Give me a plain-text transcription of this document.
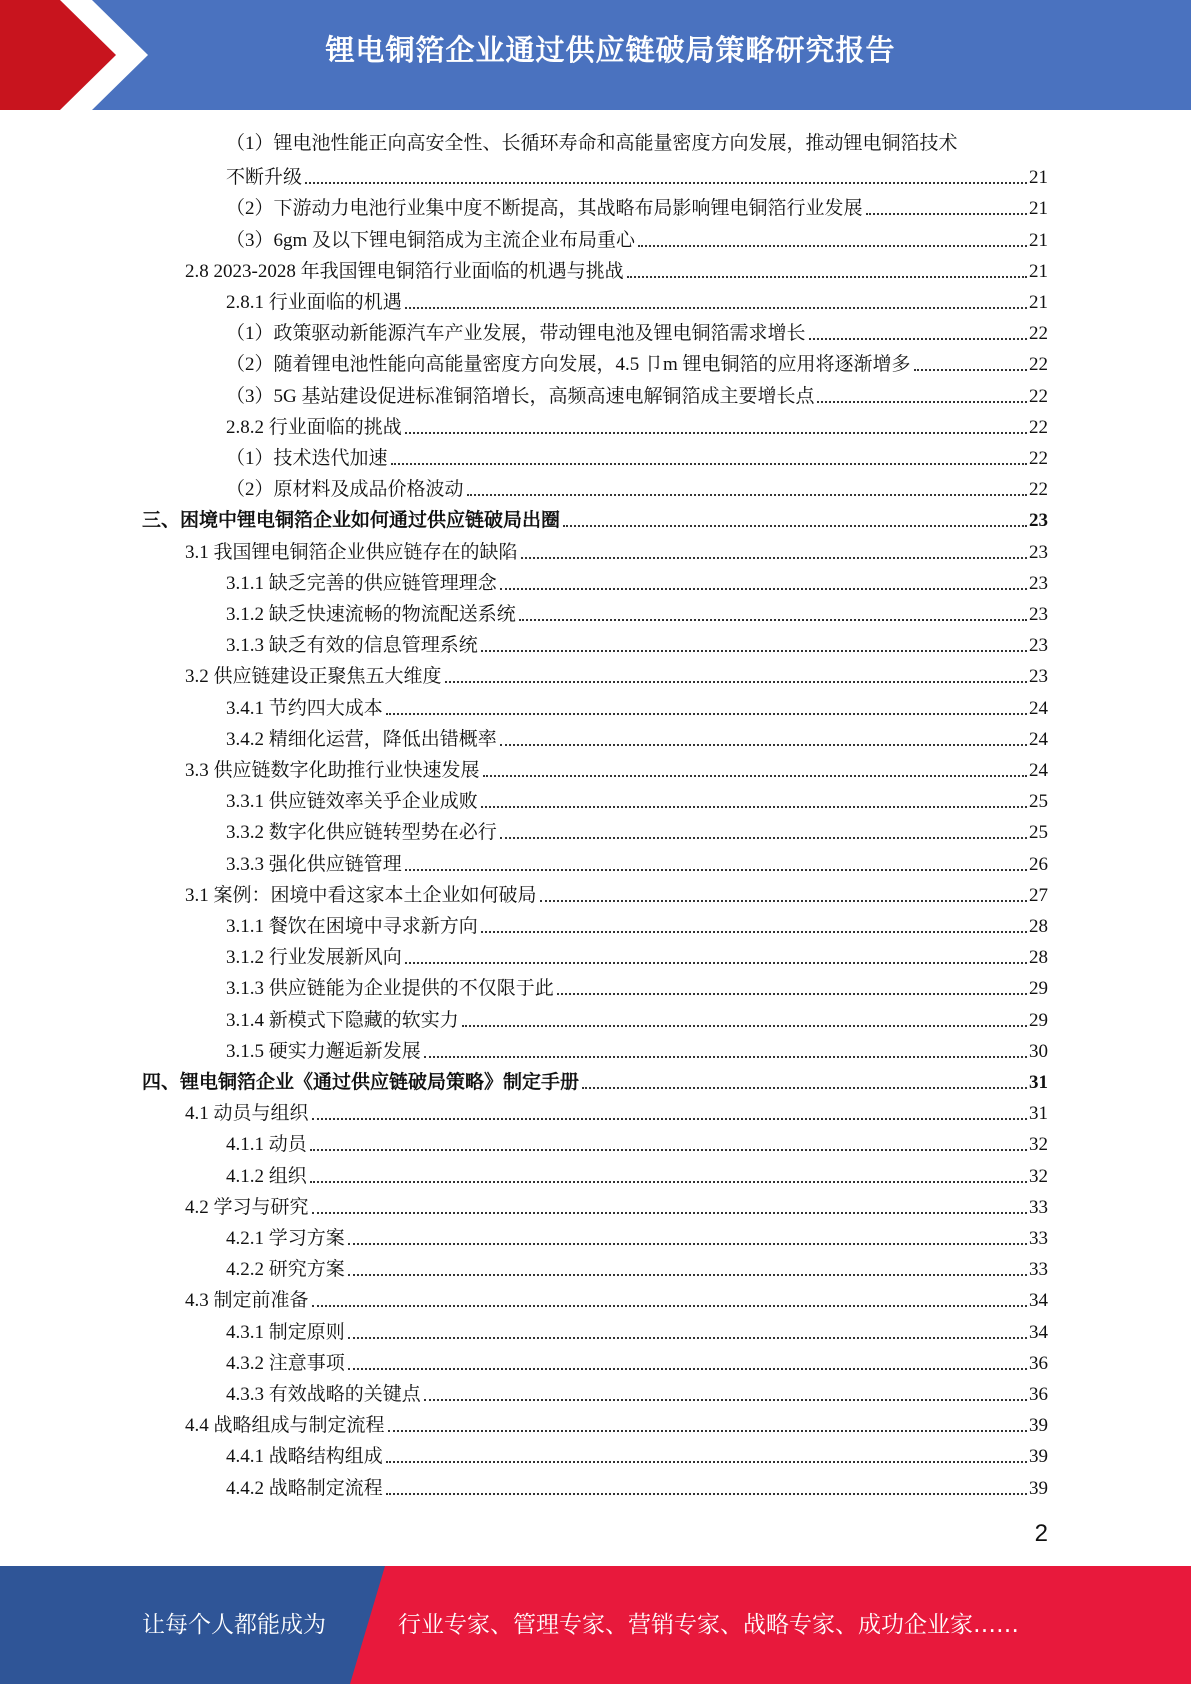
锂电铜箔企业通过供应链破局策略研究报告
（1）锂电池性能正向高安全性、长循环寿命和高能量密度方向发展，推动锂电铜箔技术
不断升级	21
（2）下游动力电池行业集中度不断提高，其战略布局影响锂电铜箔行业发展	21
（3）6gm 及以下锂电铜箔成为主流企业布局重心	21
2.8 2023-2028 年我国锂电铜箔行业面临的机遇与挑战	21
2.8.1 行业面临的机遇	21
（1）政策驱动新能源汽车产业发展，带动锂电池及锂电铜箔需求增长	22
（2）随着锂电池性能向高能量密度方向发展，4.5 卩m 锂电铜箔的应用将逐渐增多	22
（3）5G 基站建设促进标准铜箔增长，高频高速电解铜箔成主要增长点	22
2.8.2 行业面临的挑战	22
（1）技术迭代加速	22
（2）原材料及成品价格波动	22
三、困境中锂电铜箔企业如何通过供应链破局出圈	23
3.1 我国锂电铜箔企业供应链存在的缺陷	23
3.1.1 缺乏完善的供应链管理理念	23
3.1.2 缺乏快速流畅的物流配送系统	23
3.1.3 缺乏有效的信息管理系统	23
3.2 供应链建设正聚焦五大维度	23
3.4.1 节约四大成本	24
3.4.2 精细化运营，降低出错概率	24
3.3 供应链数字化助推行业快速发展	24
3.3.1 供应链效率关乎企业成败	25
3.3.2 数字化供应链转型势在必行	25
3.3.3 强化供应链管理	26
3.1 案例：困境中看这家本土企业如何破局	27
3.1.1 餐饮在困境中寻求新方向	28
3.1.2 行业发展新风向	28
3.1.3 供应链能为企业提供的不仅限于此	29
3.1.4 新模式下隐藏的软实力	29
3.1.5 硬实力邂逅新发展	30
四、锂电铜箔企业《通过供应链破局策略》制定手册	31
4.1 动员与组织	31
4.1.1 动员	32
4.1.2 组织	32
4.2 学习与研究	33
4.2.1 学习方案	33
4.2.2 研究方案	33
4.3 制定前准备	34
4.3.1 制定原则	34
4.3.2 注意事项	36
4.3.3 有效战略的关键点	36
4.4 战略组成与制定流程	39
4.4.1 战略结构组成	39
4.4.2 战略制定流程	39
2
让每个人都能成为	行业专家、管理专家、营销专家、战略专家、成功企业家……
